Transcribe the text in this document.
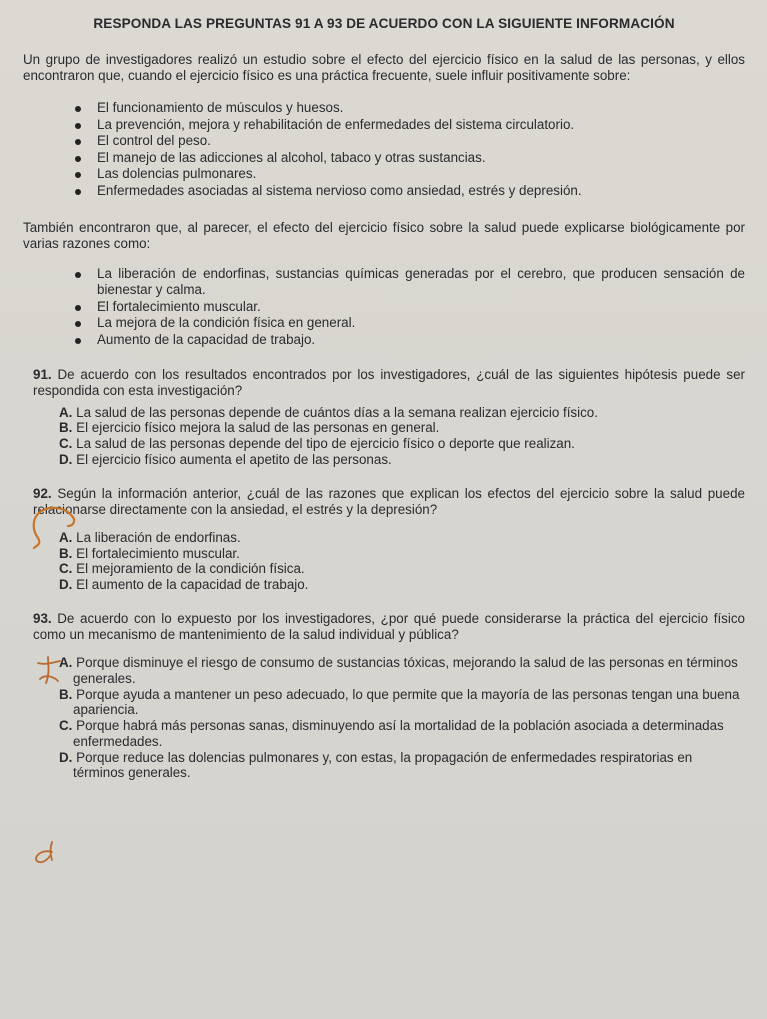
RESPONDA LAS PREGUNTAS 91 A 93 DE ACUERDO CON LA SIGUIENTE INFORMACIÓN

Un grupo de investigadores realizó un estudio sobre el efecto del ejercicio físico en la salud de las personas, y ellos encontraron que, cuando el ejercicio físico es una práctica frecuente, suele influir positivamente sobre:

El funcionamiento de músculos y huesos.
La prevención, mejora y rehabilitación de enfermedades del sistema circulatorio.
El control del peso.
El manejo de las adicciones al alcohol, tabaco y otras sustancias.
Las dolencias pulmonares.
Enfermedades asociadas al sistema nervioso como ansiedad, estrés y depresión.

También encontraron que, al parecer, el efecto del ejercicio físico sobre la salud puede explicarse biológicamente por varias razones como:

La liberación de endorfinas, sustancias químicas generadas por el cerebro, que producen sensación de bienestar y calma.
El fortalecimiento muscular.
La mejora de la condición física en general.
Aumento de la capacidad de trabajo.

91. De acuerdo con los resultados encontrados por los investigadores, ¿cuál de las siguientes hipótesis puede ser respondida con esta investigación?

A. La salud de las personas depende de cuántos días a la semana realizan ejercicio físico.
B. El ejercicio físico mejora la salud de las personas en general.
C. La salud de las personas depende del tipo de ejercicio físico o deporte que realizan.
D. El ejercicio físico aumenta el apetito de las personas.

92. Según la información anterior, ¿cuál de las razones que explican los efectos del ejercicio sobre la salud puede relacionarse directamente con la ansiedad, el estrés y la depresión?

A. La liberación de endorfinas.
B. El fortalecimiento muscular.
C. El mejoramiento de la condición física.
D. El aumento de la capacidad de trabajo.

93. De acuerdo con lo expuesto por los investigadores, ¿por qué puede considerarse la práctica del ejercicio físico como un mecanismo de mantenimiento de la salud individual y pública?

A. Porque disminuye el riesgo de consumo de sustancias tóxicas, mejorando la salud de las personas en términos generales.
B. Porque ayuda a mantener un peso adecuado, lo que permite que la mayoría de las personas tengan una buena apariencia.
C. Porque habrá más personas sanas, disminuyendo así la mortalidad de la población asociada a determinadas enfermedades.
D. Porque reduce las dolencias pulmonares y, con estas, la propagación de enfermedades respiratorias en términos generales.
